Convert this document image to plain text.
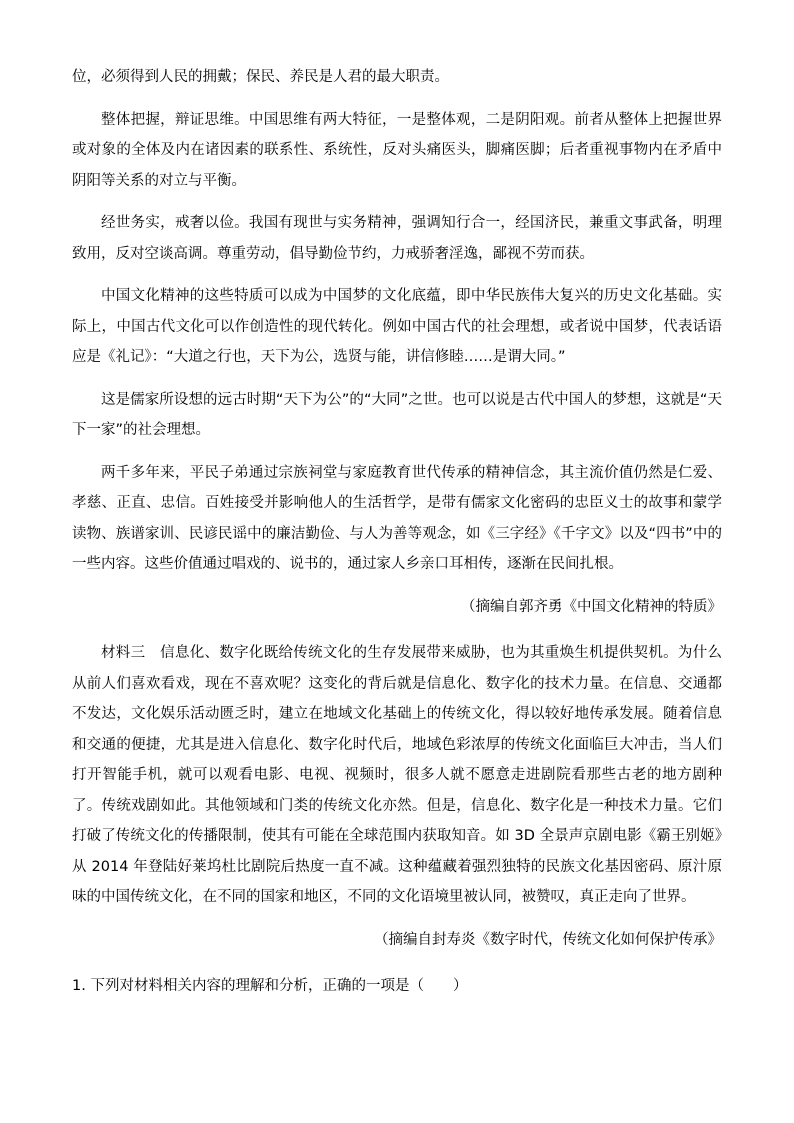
位，必须得到人民的拥戴；保民、养民是人君的最大职责。

整体把握，辩证思维。中国思维有两大特征，一是整体观，二是阴阳观。前者从整体上把握世界或对象的全体及内在诸因素的联系性、系统性，反对头痛医头，脚痛医脚；后者重视事物内在矛盾中阴阳等关系的对立与平衡。

经世务实，戒奢以俭。我国有现世与实务精神，强调知行合一，经国济民，兼重文事武备，明理致用，反对空谈高调。尊重劳动，倡导勤俭节约，力戒骄奢淫逸，鄙视不劳而获。

中国文化精神的这些特质可以成为中国梦的文化底蕴，即中华民族伟大复兴的历史文化基础。实际上，中国古代文化可以作创造性的现代转化。例如中国古代的社会理想，或者说中国梦，代表话语应是《礼记》：“大道之行也，天下为公，选贤与能，讲信修睦……是谓大同。”

这是儒家所设想的远古时期“天下为公”的“大同”之世。也可以说是古代中国人的梦想，这就是“天下一家”的社会理想。

两千多年来，平民子弟通过宗族祠堂与家庭教育世代传承的精神信念，其主流价值仍然是仁爱、孝慈、正直、忠信。百姓接受并影响他人的生活哲学，是带有儒家文化密码的忠臣义士的故事和蒙学读物、族谱家训、民谚民谣中的廉洁勤俭、与人为善等观念，如《三字经》《千字文》以及“四书”中的一些内容。这些价值通过唱戏的、说书的，通过家人乡亲口耳相传，逐渐在民间扎根。

（摘编自郭齐勇《中国文化精神的特质》

材料三　信息化、数字化既给传统文化的生存发展带来威胁，也为其重焕生机提供契机。为什么从前人们喜欢看戏，现在不喜欢呢？这变化的背后就是信息化、数字化的技术力量。在信息、交通都不发达，文化娱乐活动匮乏时，建立在地域文化基础上的传统文化，得以较好地传承发展。随着信息和交通的便捷，尤其是进入信息化、数字化时代后，地域色彩浓厚的传统文化面临巨大冲击，当人们打开智能手机，就可以观看电影、电视、视频时，很多人就不愿意走进剧院看那些古老的地方剧种了。传统戏剧如此。其他领域和门类的传统文化亦然。但是，信息化、数字化是一种技术力量。它们打破了传统文化的传播限制，使其有可能在全球范围内获取知音。如 3D 全景声京剧电影《霸王别姬》从 2014 年登陆好莱坞杜比剧院后热度一直不减。这种蕴藏着强烈独特的民族文化基因密码、原汁原味的中国传统文化，在不同的国家和地区，不同的文化语境里被认同，被赞叹，真正走向了世界。

（摘编自封寿炎《数字时代，传统文化如何保护传承》

1. 下列对材料相关内容的理解和分析，正确的一项是（　　）
